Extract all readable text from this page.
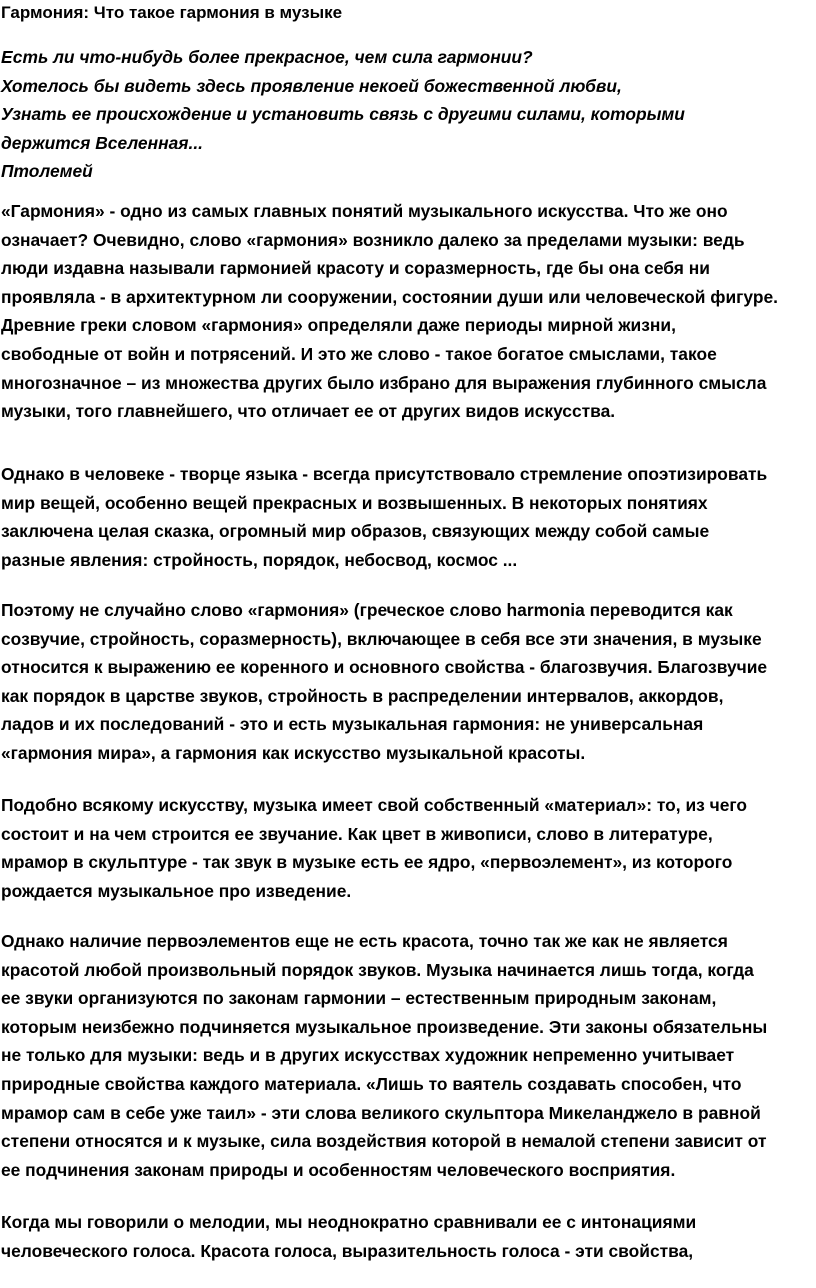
Гармония: Что такое гармония в музыке
Есть ли что-нибудь более прекрасное, чем сила гармонии?
Хотелось бы видеть здесь проявление некоей божественной любви,
Узнать ее происхождение и установить связь с другими силами, которыми
держится Вселенная...
Птолемей
«Гармония» - одно из самых главных понятий музыкального искусства. Что же оно
означает? Очевидно, слово «гармония» возникло далеко за пределами музыки: ведь
люди издавна называли гармонией красоту и соразмерность, где бы она себя ни
проявляла - в архитектурном ли сооружении, состоянии души или человеческой фигуре.
Древние греки словом «гармония» определяли даже периоды мирной жизни,
свободные от войн и потрясений. И это же слово - такое богатое смыслами, такое
многозначное – из множества других было избрано для выражения глубинного смысла
музыки, того главнейшего, что отличает ее от других видов искусства.
Однако в человеке - творце языка - всегда присутствовало стремление опоэтизировать
мир вещей, особенно вещей прекрасных и возвышенных. В некоторых понятиях
заключена целая сказка, огромный мир образов, связующих между собой самые
разные явления: стройность, порядок, небосвод, космос ...
Поэтому не случайно слово «гармония» (греческое слово harmonia переводится как
созвучие, стройность, соразмерность), включающее в себя все эти значения, в музыке
относится к выражению ее коренного и основного свойства - благозвучия. Благозвучие
как порядок в царстве звуков, стройность в распределении интервалов, аккордов,
ладов и их последований - это и есть музыкальная гармония: не универсальная
«гармония мира», а гармония как искусство музыкальной красоты.
Подобно всякому искусству, музыка имеет свой собственный «материал»: то, из чего
состоит и на чем строится ее звучание. Как цвет в живописи, слово в литературе,
мрамор в скульптуре - так звук в музыке есть ее ядро, «первоэлемент», из которого
рождается музыкальное про изведение.
Однако наличие первоэлементов еще не есть красота, точно так же как не является
красотой любой произвольный порядок звуков. Музыка начинается лишь тогда, когда
ее звуки организуются по законам гармонии – естественным природным законам,
которым неизбежно подчиняется музыкальное произведение. Эти законы обязательны
не только для музыки: ведь и в других искусствах художник непременно учитывает
природные свойства каждого материала. «Лишь то ваятель создавать способен, что
мрамор сам в себе уже таил» - эти слова великого скульптора Микеланджело в равной
степени относятся и к музыке, сила воздействия которой в немалой степени зависит от
ее подчинения законам природы и особенностям человеческого восприятия.
Когда мы говорили о мелодии, мы неоднократно сравнивали ее с интонациями
человеческого голоса. Красота голоса, выразительность голоса - эти свойства,
